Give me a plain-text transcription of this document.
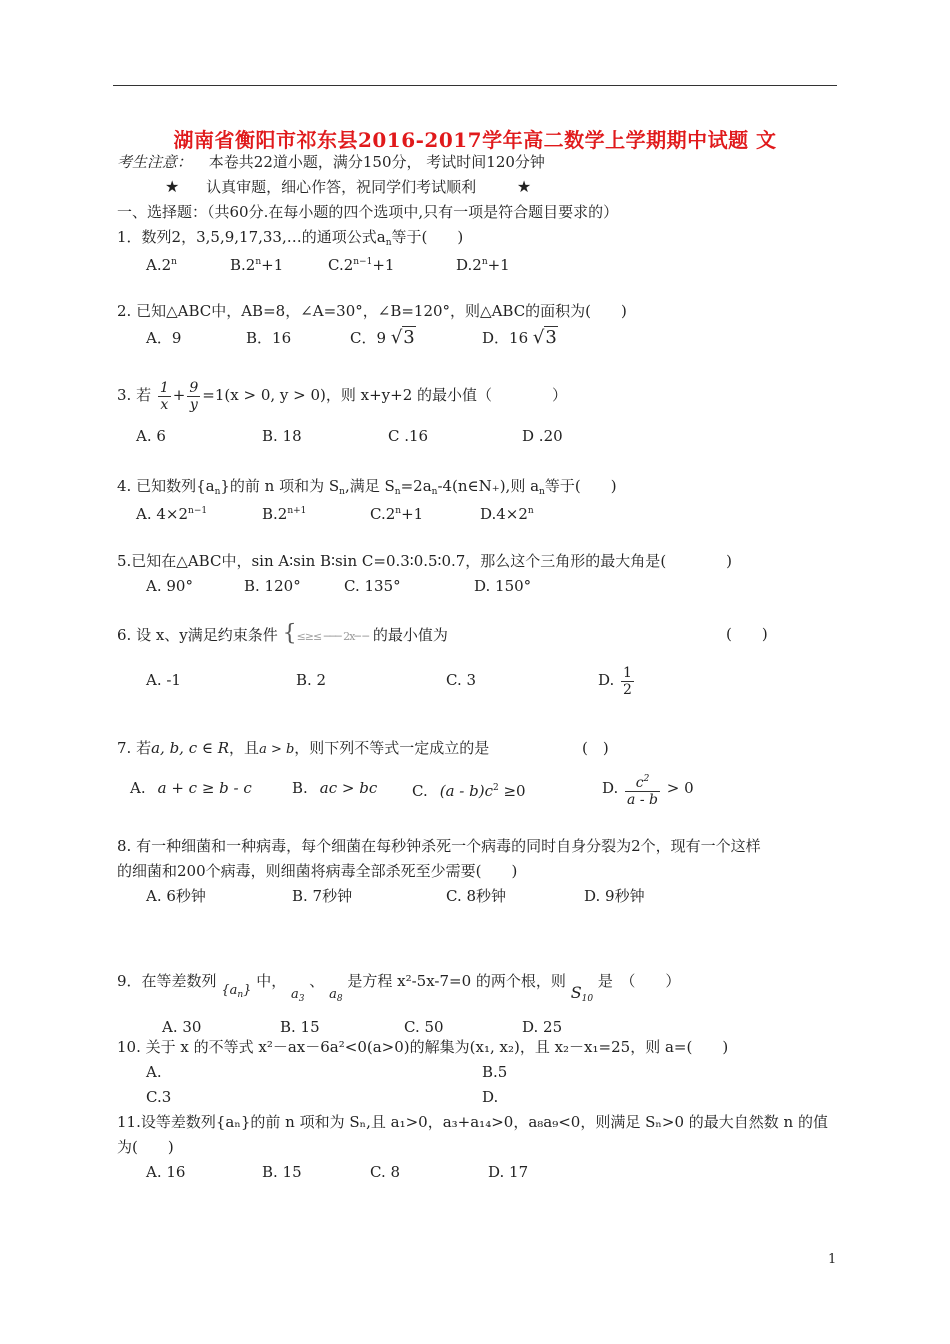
湖南省衡阳市祁东县2016-2017学年高二数学上学期期中试题 文
考生注意： 本卷共22道小题，满分150分， 考试时间120分钟
★ 认真审题，细心作答，祝同学们考试顺利	★
一、选择题：（共60分.在每小题的四个选项中,只有一项是符合题目要求的）
1．数列2，3,5,9,17,33,…的通项公式$a_n$等于(　　)
A.2$^n$	$B.2^n+1$	$C.2^{n-1}+1$	$D.2^n+1$
2. 已知△ABC中，AB=8，∠A=30°，∠B=120°，则△ABC的面积为(　　)
A．9	B．16	C．9 √3	D．16 √3
3. 若 $\frac{1}{x} + \frac{9}{y} =1(x > 0$, y > 0)，则 x+y+2 的最小值（　　　　）
A. 6	B. 18	C .16	D .20
4. 已知数列$\{a_n\}$的前 n 项和为 $S_n$,满足 $S_n=2a_n-4(n\in N_+)$,则 $a_n$等于(　　)
A. $4\times 2^{n-1}$	$B.2^{n+1}$	$C.2^n+1$	$D.4\times 2^n$
5.已知在△ABC中，sin A∶sin B∶sin C=0.3∶0.5∶0.7，那么这个三角形的最大角是(　　　　)
A. 90°	B. 120°	C. 135°	D. 150°
6. 设 x、y满足约束条件 {≤≥≤ ─── 2x─ ─ 的最小值为	(　　)
A. -1	B. 2	C. 3	D. $\frac{1}{2}$
7. 若a, b, c ∈ R，且a > b，则下列不等式一定成立的是	(　)
A. a + c ≥ b - c	B. ac > bc C. $(a - b)c^2 \ge 0$	D. $\frac{c^2}{a - b} > 0$
8. 有一种细菌和一种病毒，每个细菌在每秒钟杀死一个病毒的同时自身分裂为2个，现有一个这样
的细菌和200个病毒，则细菌将病毒全部杀死至少需要(　　)
A. 6秒钟	B. 7秒钟	C. 8秒钟	D. 9秒钟
9．在等差数列 $\{a_n\}$ 中， $a_3$ 、 $a_8$ 是方程 x²-5x-7=0 的两个根，则 $S_{10}$ 是　（　　）
A. 30	B. 15	C. 50	D. 25
10. 关于 x 的不等式 x²－ax－6a²<0(a>0)的解集为(x₁, x₂)，且 x₂－x₁=25，则 a=(　　)
A.	B.5
C.3	D.
11.设等差数列{aₙ}的前 n 项和为 Sₙ,且 a₁>0，a₃+a₁₄>0，a₈a₉<0，则满足 Sₙ>0 的最大自然数 n 的值
为(　　)
A. 16	B. 15	C. 8	D. 17
1
